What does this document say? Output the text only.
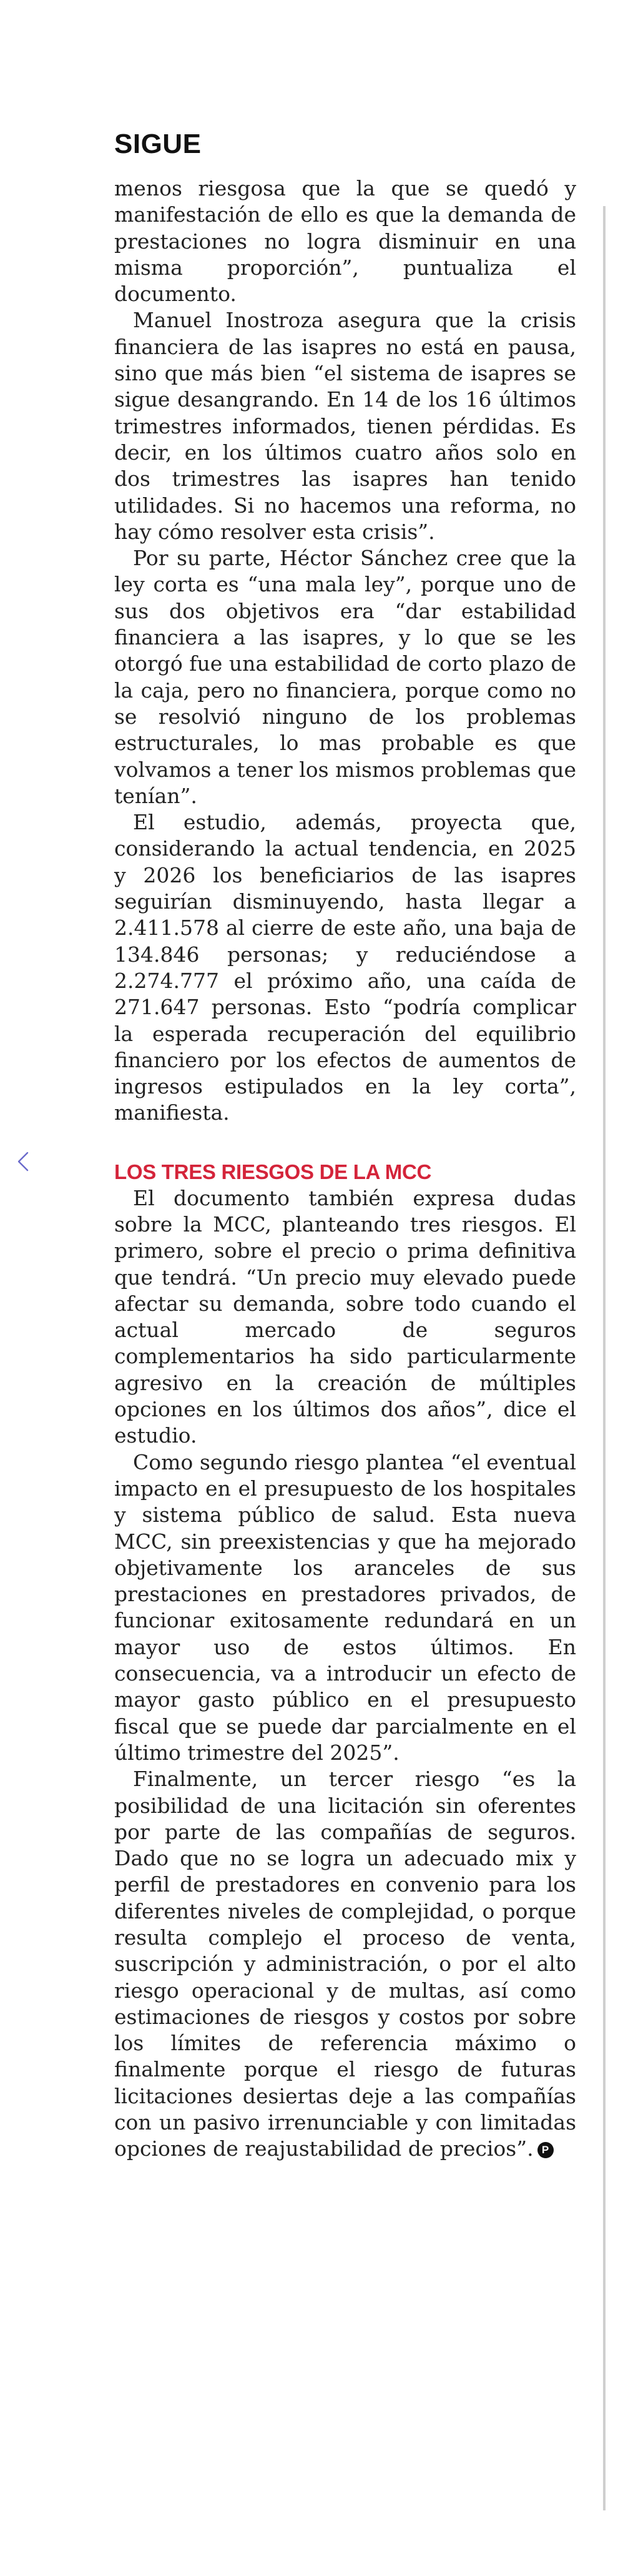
SIGUE

menos riesgosa que la que se quedó y manifestación de ello es que la demanda de prestaciones no logra disminuir en una misma proporción”, puntualiza el documento.

Manuel Inostroza asegura que la crisis financiera de las isapres no está en pausa, sino que más bien “el sistema de isapres se sigue desangrando. En 14 de los 16 últimos trimestres informados, tienen pérdidas. Es decir, en los últimos cuatro años solo en dos trimestres las isapres han tenido utilidades. Si no hacemos una reforma, no hay cómo resolver esta crisis”.

Por su parte, Héctor Sánchez cree que la ley corta es “una mala ley”, porque uno de sus dos objetivos era “dar estabilidad financiera a las isapres, y lo que se les otorgó fue una estabilidad de corto plazo de la caja, pero no financiera, porque como no se resolvió ninguno de los problemas estructurales, lo mas probable es que volvamos a tener los mismos problemas que tenían”.

El estudio, además, proyecta que, considerando la actual tendencia, en 2025 y 2026 los beneficiarios de las isapres seguirían disminuyendo, hasta llegar a 2.411.578 al cierre de este año, una baja de 134.846 personas; y reduciéndose a 2.274.777 el próximo año, una caída de 271.647 personas. Esto “podría complicar la esperada recuperación del equilibrio financiero por los efectos de aumentos de ingresos estipulados en la ley corta”, manifiesta.

LOS TRES RIESGOS DE LA MCC

El documento también expresa dudas sobre la MCC, planteando tres riesgos. El primero, sobre el precio o prima definitiva que tendrá. “Un precio muy elevado puede afectar su demanda, sobre todo cuando el actual mercado de seguros complementarios ha sido particularmente agresivo en la creación de múltiples opciones en los últimos dos años”, dice el estudio.

Como segundo riesgo plantea “el eventual impacto en el presupuesto de los hospitales y sistema público de salud. Esta nueva MCC, sin preexistencias y que ha mejorado objetivamente los aranceles de sus prestaciones en prestadores privados, de funcionar exitosamente redundará en un mayor uso de estos últimos. En consecuencia, va a introducir un efecto de mayor gasto público en el presupuesto fiscal que se puede dar parcialmente en el último trimestre del 2025”.

Finalmente, un tercer riesgo “es la posibilidad de una licitación sin oferentes por parte de las compañías de seguros. Dado que no se logra un adecuado mix y perfil de prestadores en convenio para los diferentes niveles de complejidad, o porque resulta complejo el proceso de venta, suscripción y administración, o por el alto riesgo operacional y de multas, así como estimaciones de riesgos y costos por sobre los límites de referencia máximo o finalmente porque el riesgo de futuras licitaciones desiertas deje a las compañías con un pasivo irrenunciable y con limitadas opciones de reajustabilidad de precios”. P
